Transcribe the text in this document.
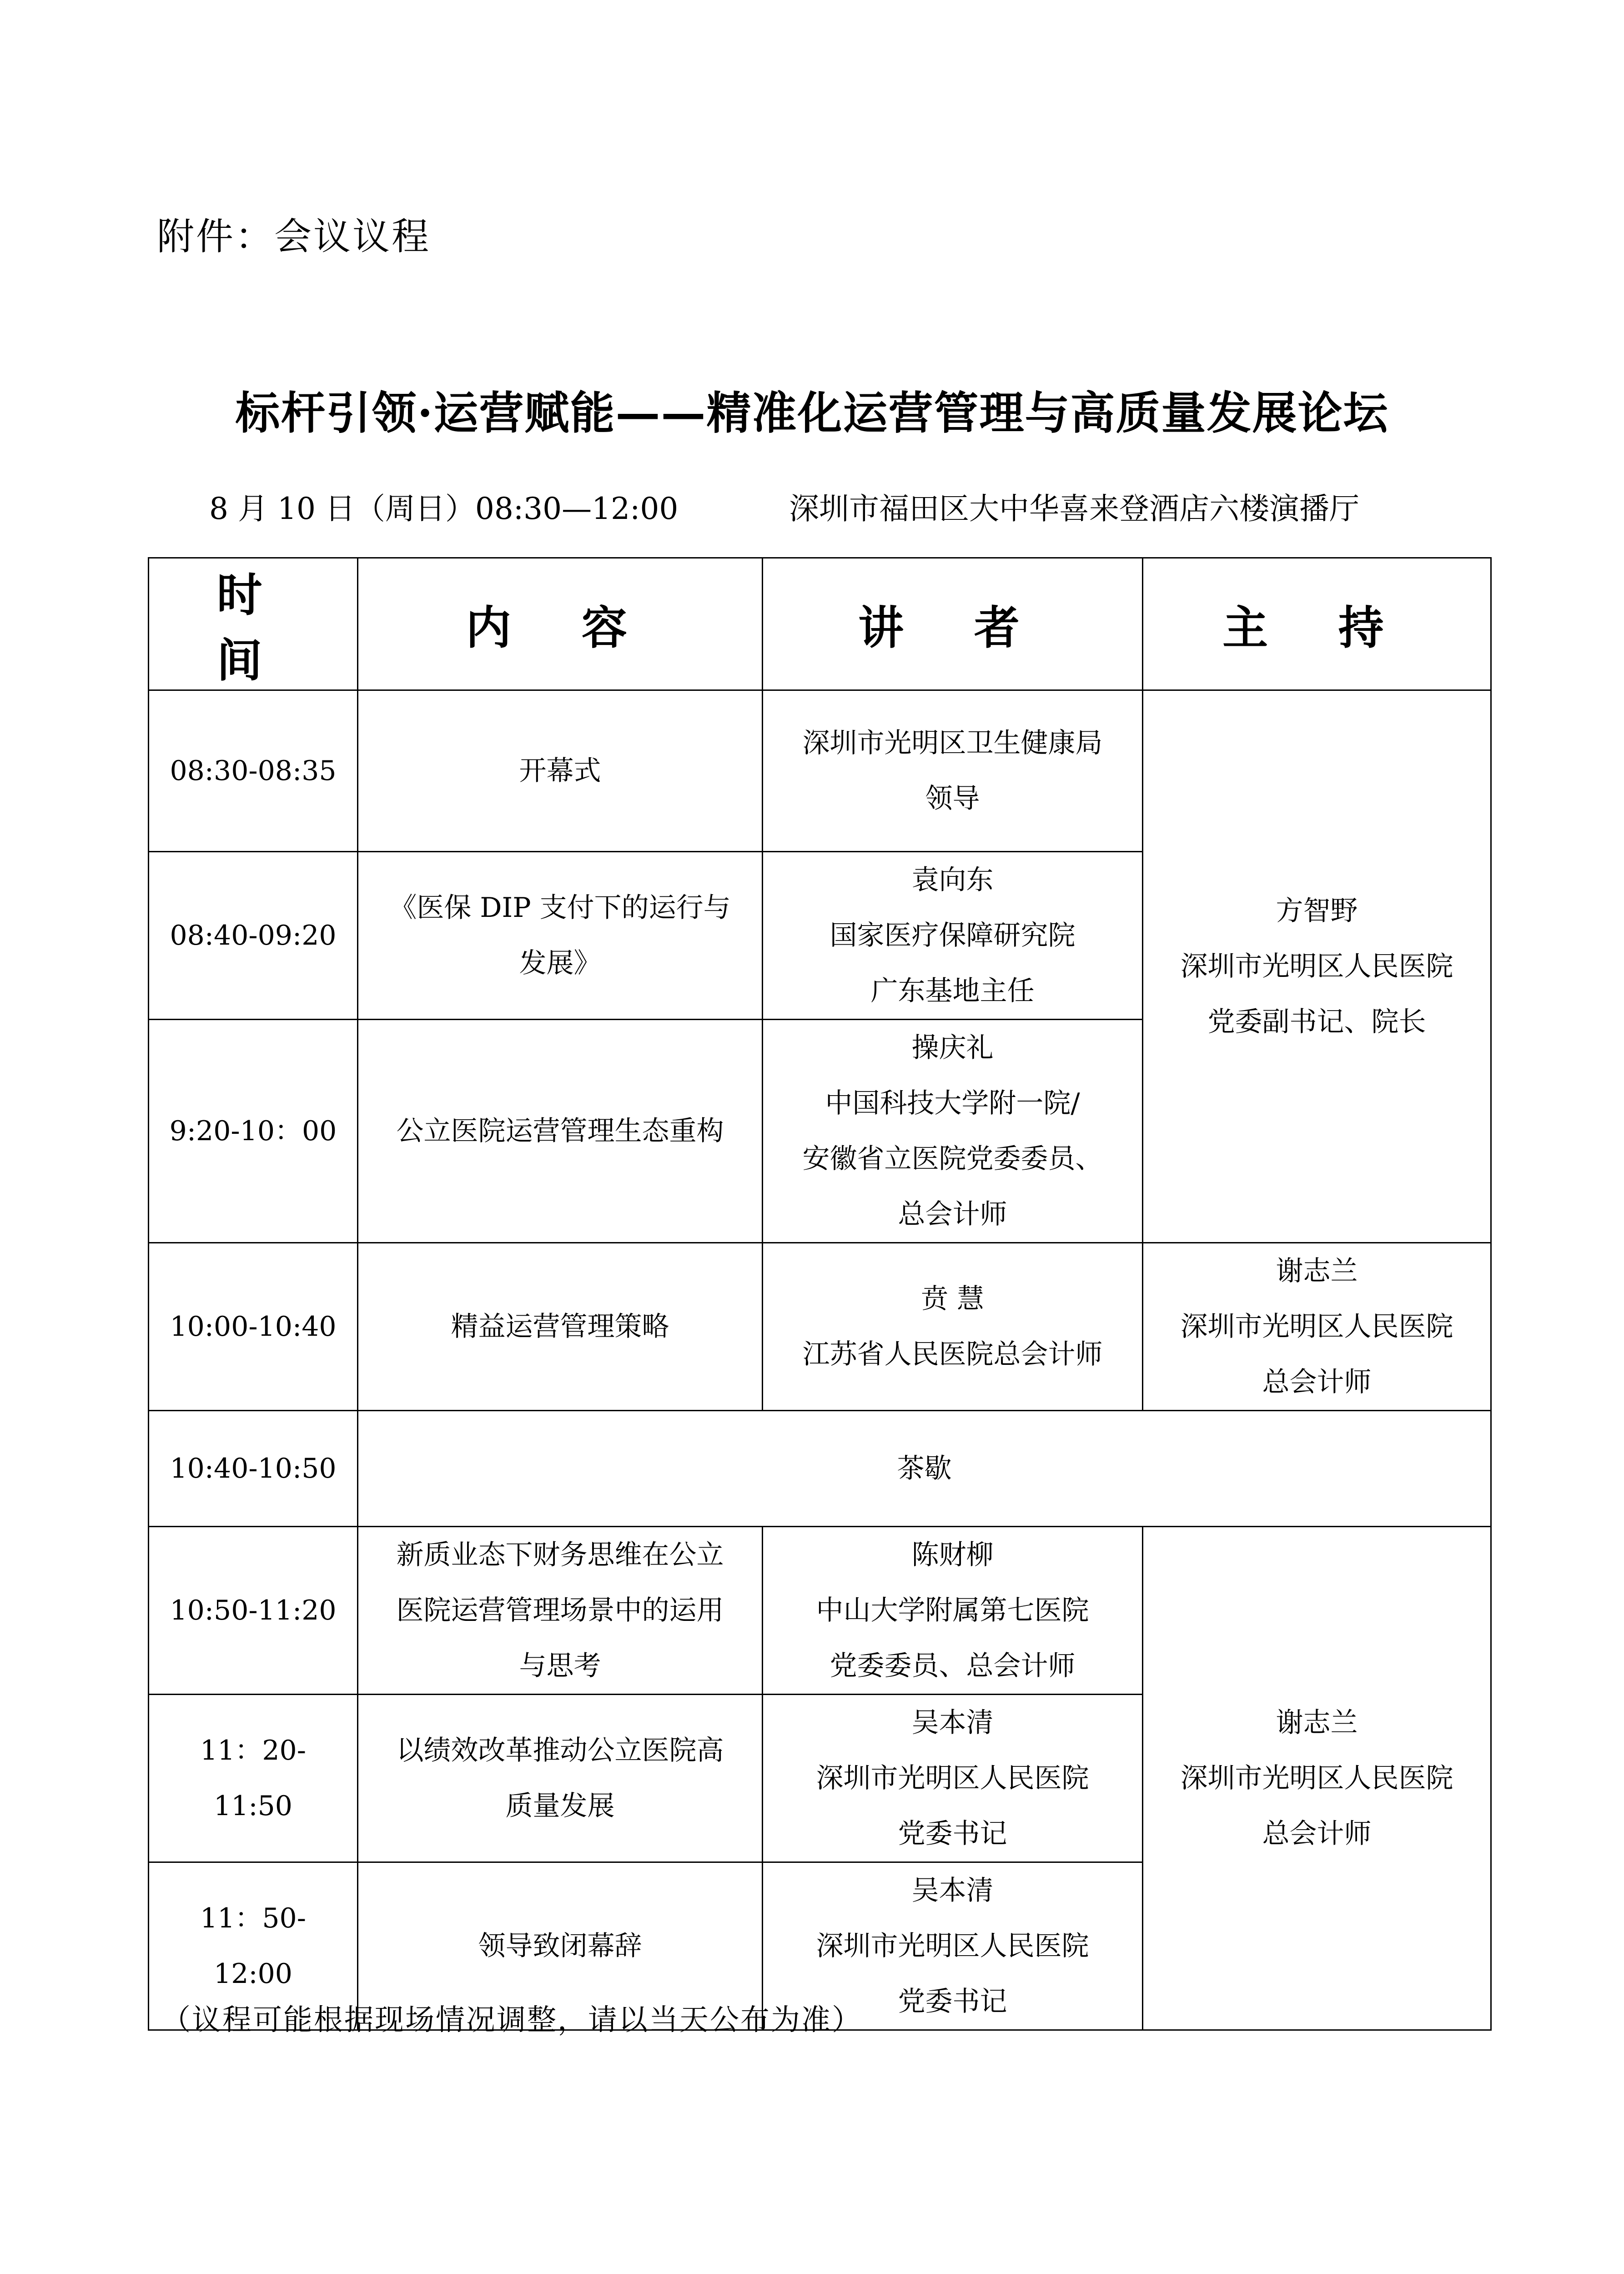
附件：会议议程
标杆引领·运营赋能——精准化运营管理与高质量发展论坛
8 月 10 日（周日）08:30—12:00	深圳市福田区大中华喜来登酒店六楼演播厅
时 间	内 容	讲 者	主 持
08:30-08:35	开幕式	深圳市光明区卫生健康局
领导	方智野
深圳市光明区人民医院
党委副书记、院长

08:40-09:20	《医保 DIP 支付下的运行与
发展》	袁向东
国家医疗保障研究院
广东基地主任	

9:20-10：00	公立医院运营管理生态重构	操庆礼
中国科技大学附一院/
安徽省立医院党委委员、
总会计师	

10:00-10:40	精益运营管理策略	贲 慧
江苏省人民医院总会计师	谢志兰
深圳市光明区人民医院
总会计师

10:40-10:50	茶歇		
10:50-11:20	新质业态下财务思维在公立
医院运营管理场景中的运用
与思考	陈财柳
中山大学附属第七医院
党委委员、总会计师	谢志兰
深圳市光明区人民医院
总会计师

11：20-11:50	以绩效改革推动公立医院高
质量发展	吴本清
深圳市光明区人民医院
党委书记	

11：50-12:00	领导致闭幕辞	吴本清
深圳市光明区人民医院
党委书记	
（议程可能根据现场情况调整，请以当天公布为准）
